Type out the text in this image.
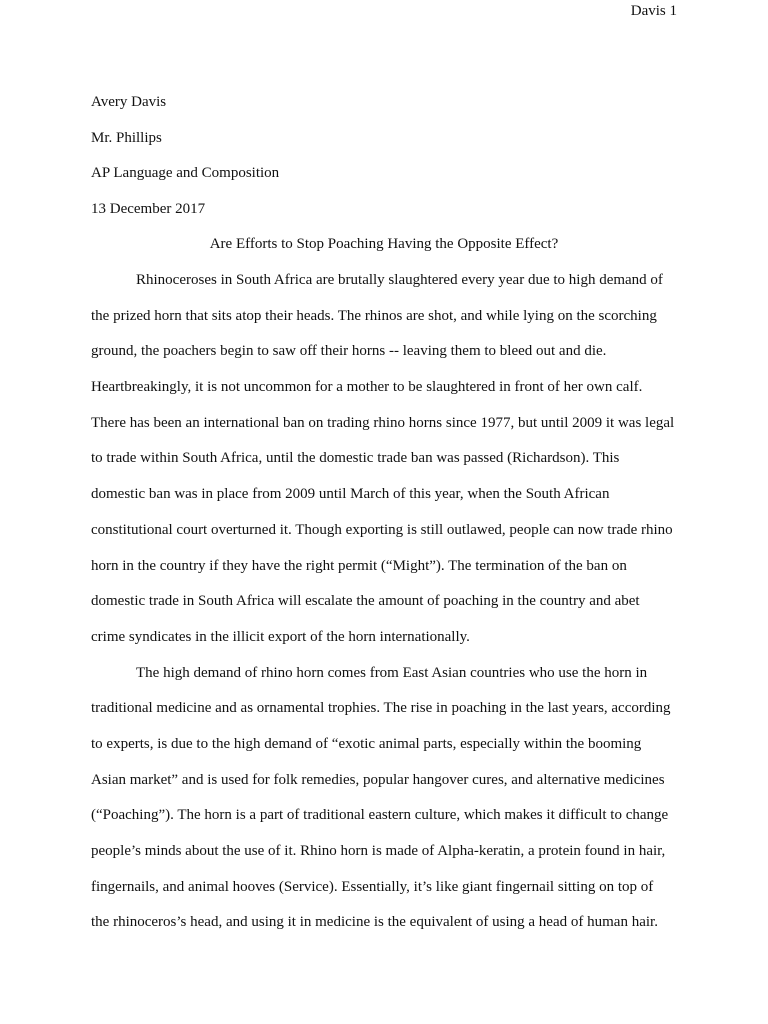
Davis 1
Avery Davis
Mr. Phillips
AP Language and Composition
13 December 2017
Are Efforts to Stop Poaching Having the Opposite Effect?
Rhinoceroses in South Africa are brutally slaughtered every year due to high demand of
the prized horn that sits atop their heads. The rhinos are shot, and while lying on the scorching
ground, the poachers begin to saw off their horns -- leaving them to bleed out and die.
Heartbreakingly, it is not uncommon for a mother to be slaughtered in front of her own calf.
There has been an international ban on trading rhino horns since 1977, but until 2009 it was legal
to trade within South Africa, until the domestic trade ban was passed (Richardson). This
domestic ban was in place from 2009 until March of this year, when the South African
constitutional court overturned it. Though exporting is still outlawed, people can now trade rhino
horn in the country if they have the right permit (“Might”). The termination of the ban on
domestic trade in South Africa will escalate the amount of poaching in the country and abet
crime syndicates in the illicit export of the horn internationally.
The high demand of rhino horn comes from East Asian countries who use the horn in
traditional medicine and as ornamental trophies. The rise in poaching in the last years, according
to experts, is due to the high demand of “exotic animal parts, especially within the booming
Asian market” and is used for folk remedies, popular hangover cures, and alternative medicines
(“Poaching”). The horn is a part of traditional eastern culture, which makes it difficult to change
people’s minds about the use of it. Rhino horn is made of Alpha-keratin, a protein found in hair,
fingernails, and animal hooves (Service). Essentially, it’s like giant fingernail sitting on top of
the rhinoceros’s head, and using it in medicine is the equivalent of using a head of human hair.
